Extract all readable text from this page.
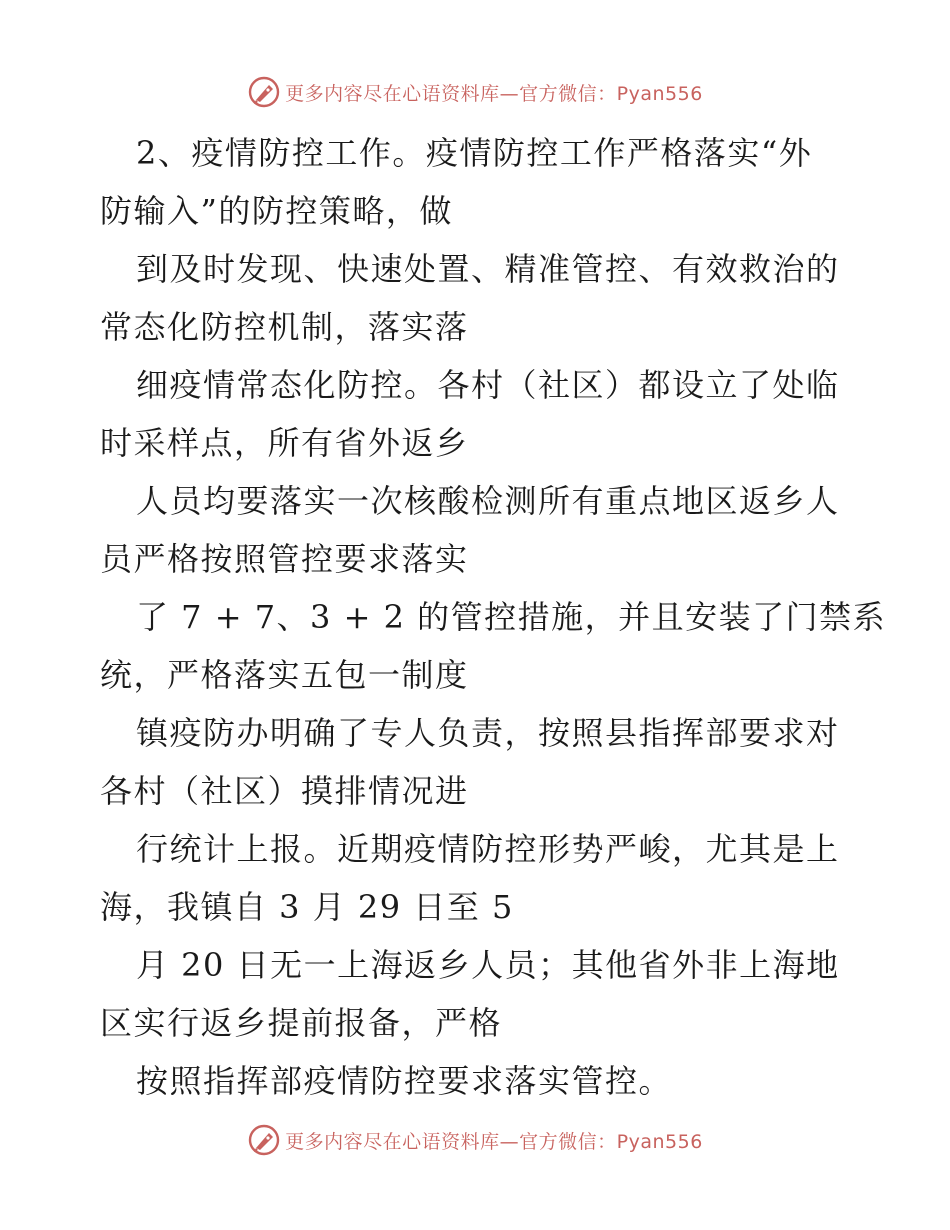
更多内容尽在心语资料库—官方微信：Pyan556

2、疫情防控工作。疫情防控工作严格落实“外
防输入”的防控策略，做

到及时发现、快速处置、精准管控、有效救治的
常态化防控机制，落实落

细疫情常态化防控。各村（社区）都设立了处临
时采样点，所有省外返乡

人员均要落实一次核酸检测所有重点地区返乡人
员严格按照管控要求落实

了 7 + 7、3 + 2 的管控措施，并且安装了门禁系
统，严格落实五包一制度

镇疫防办明确了专人负责，按照县指挥部要求对
各村（社区）摸排情况进

行统计上报。近期疫情防控形势严峻，尤其是上
海，我镇自 3 月 29 日至 5

月 20 日无一上海返乡人员；其他省外非上海地
区实行返乡提前报备，严格

按照指挥部疫情防控要求落实管控。

更多内容尽在心语资料库—官方微信：Pyan556
